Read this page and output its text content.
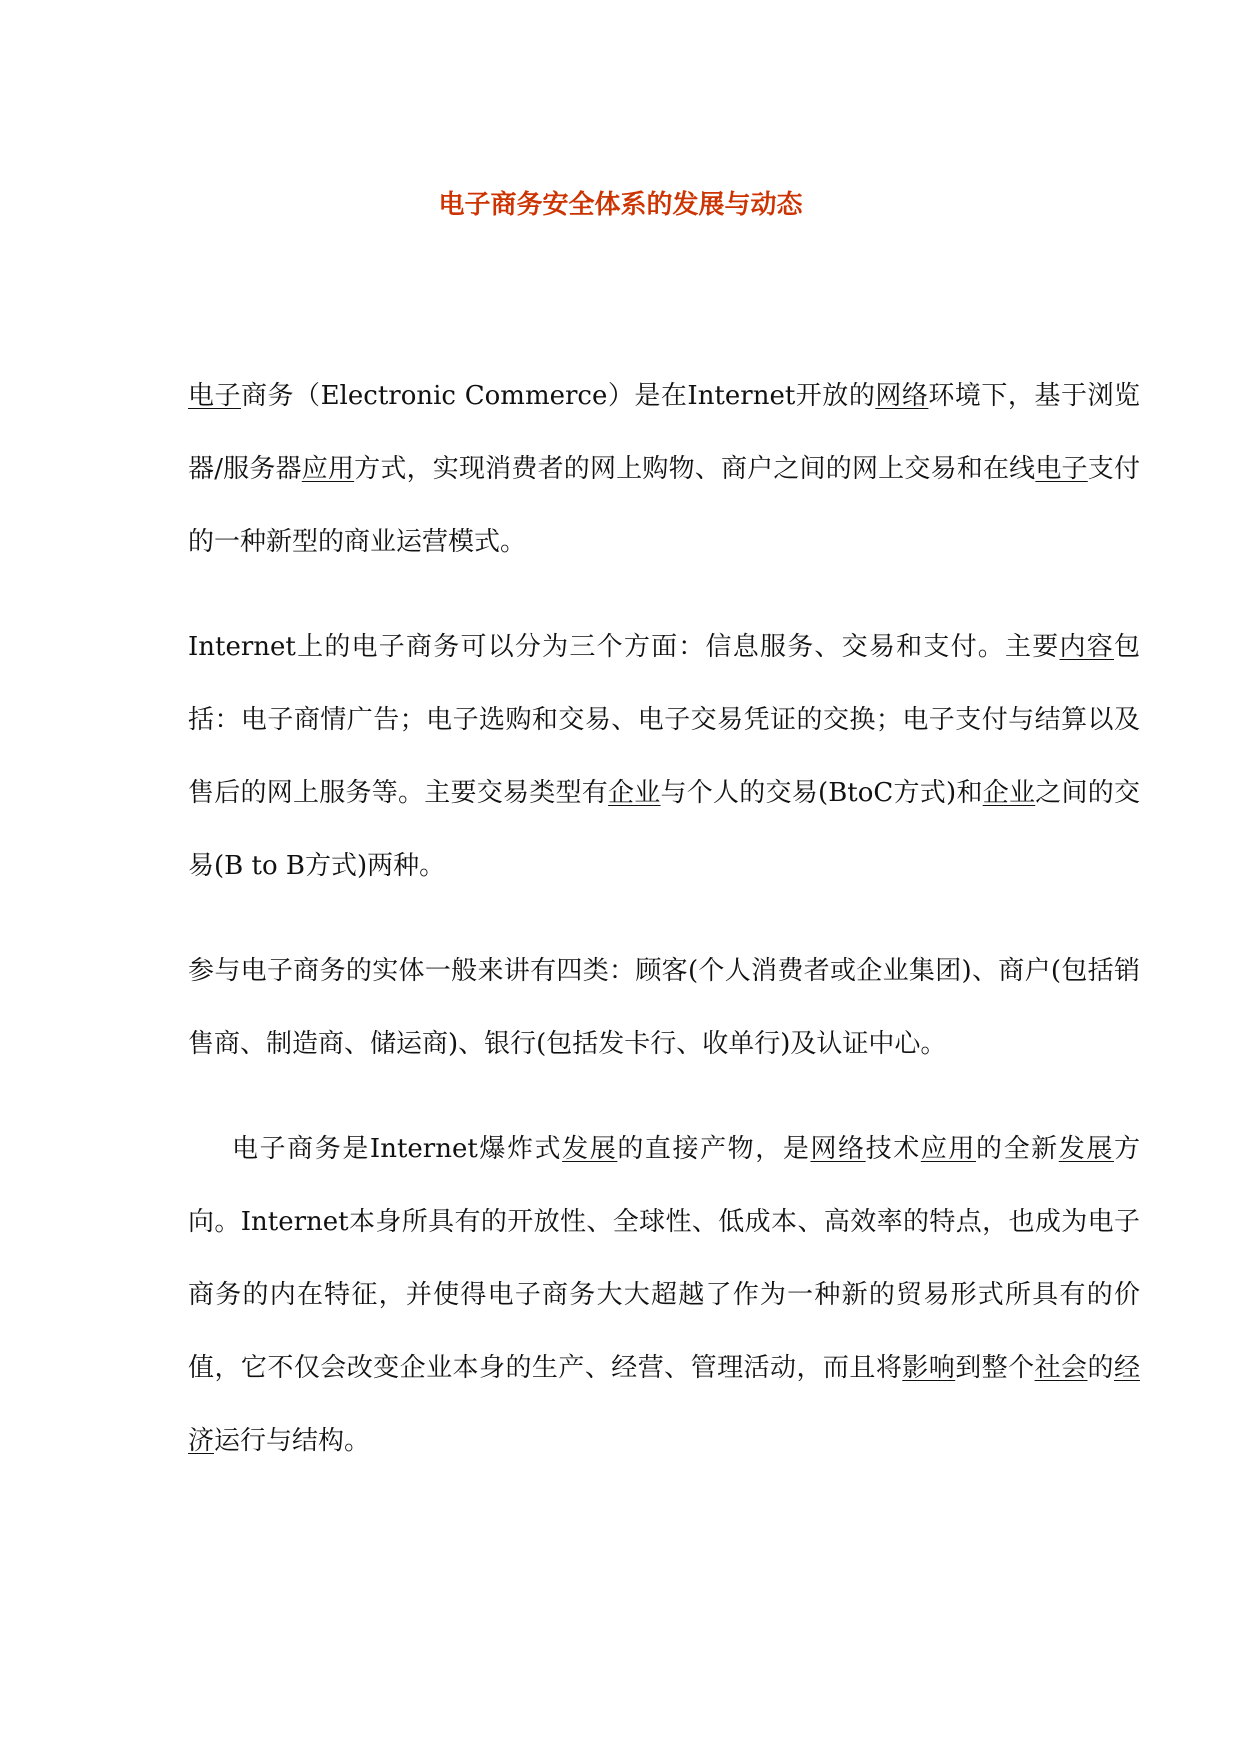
电子商务安全体系的发展与动态

电子商务（Electronic Commerce）是在Internet开放的网络环境下，基于浏览器/服务器应用方式，实现消费者的网上购物、商户之间的网上交易和在线电子支付的一种新型的商业运营模式。

Internet上的电子商务可以分为三个方面：信息服务、交易和支付。主要内容包括：电子商情广告；电子选购和交易、电子交易凭证的交换；电子支付与结算以及售后的网上服务等。主要交易类型有企业与个人的交易(BtoC方式)和企业之间的交易(B to B方式)两种。

参与电子商务的实体一般来讲有四类：顾客(个人消费者或企业集团)、商户(包括销售商、制造商、储运商)、银行(包括发卡行、收单行)及认证中心。

电子商务是Internet爆炸式发展的直接产物，是网络技术应用的全新发展方向。Internet本身所具有的开放性、全球性、低成本、高效率的特点，也成为电子商务的内在特征，并使得电子商务大大超越了作为一种新的贸易形式所具有的价值，它不仅会改变企业本身的生产、经营、管理活动，而且将影响到整个社会的经济运行与结构。
